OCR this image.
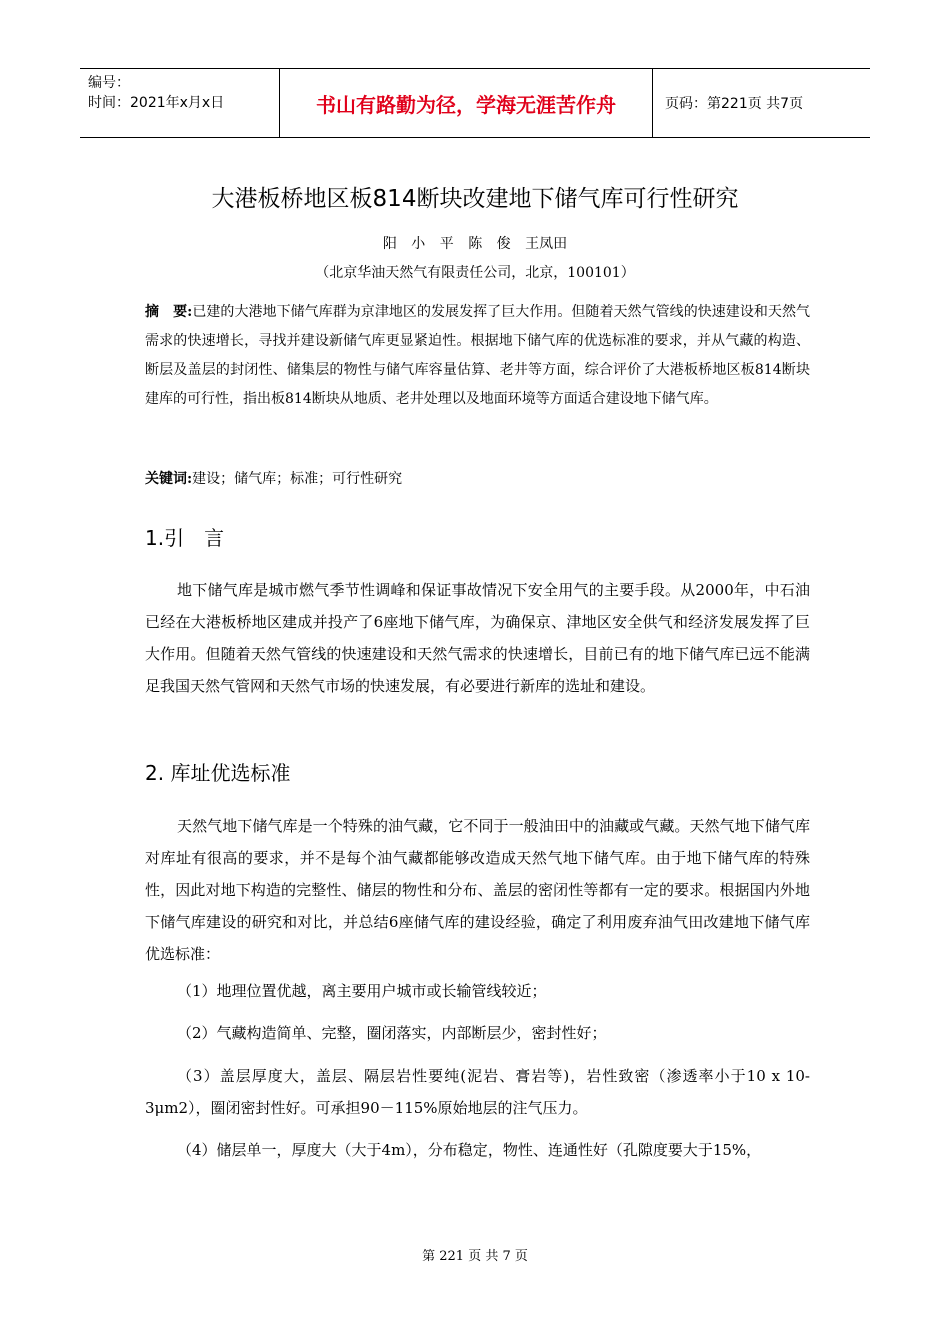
编号：
时间：2021年x月x日	书山有路勤为径，学海无涯苦作舟	页码：第221页 共7页
大港板桥地区板814断块改建地下储气库可行性研究
阳 小 平 陈 俊 王凤田
（北京华油天然气有限责任公司，北京，100101）
摘　要:已建的大港地下储气库群为京津地区的发展发挥了巨大作用。但随着天然气管线的快速建设和天然气需求的快速增长，寻找并建设新储气库更显紧迫性。根据地下储气库的优选标准的要求，并从气藏的构造、断层及盖层的封闭性、储集层的物性与储气库容量估算、老井等方面，综合评价了大港板桥地区板814断块建库的可行性，指出板814断块从地质、老井处理以及地面环境等方面适合建设地下储气库。
关键词:建设；储气库；标准；可行性研究
1.引　言
地下储气库是城市燃气季节性调峰和保证事故情况下安全用气的主要手段。从2000年，中石油已经在大港板桥地区建成并投产了6座地下储气库，为确保京、津地区安全供气和经济发展发挥了巨大作用。但随着天然气管线的快速建设和天然气需求的快速增长，目前已有的地下储气库已远不能满足我国天然气管网和天然气市场的快速发展，有必要进行新库的选址和建设。
2. 库址优选标准
天然气地下储气库是一个特殊的油气藏，它不同于一般油田中的油藏或气藏。天然气地下储气库对库址有很高的要求，并不是每个油气藏都能够改造成天然气地下储气库。由于地下储气库的特殊性，因此对地下构造的完整性、储层的物性和分布、盖层的密闭性等都有一定的要求。根据国内外地下储气库建设的研究和对比，并总结6座储气库的建设经验，确定了利用废弃油气田改建地下储气库优选标准：
（1）地理位置优越，离主要用户城市或长输管线较近；
（2）气藏构造简单、完整，圈闭落实，内部断层少，密封性好；
（3）盖层厚度大，盖层、隔层岩性要纯(泥岩、膏岩等)，岩性致密（渗透率小于10 x 10-3μm2），圈闭密封性好。可承担90－115%原始地层的注气压力。
（4）储层单一，厚度大（大于4m），分布稳定，物性、连通性好（孔隙度要大于15%，
第 221 页 共 7 页
